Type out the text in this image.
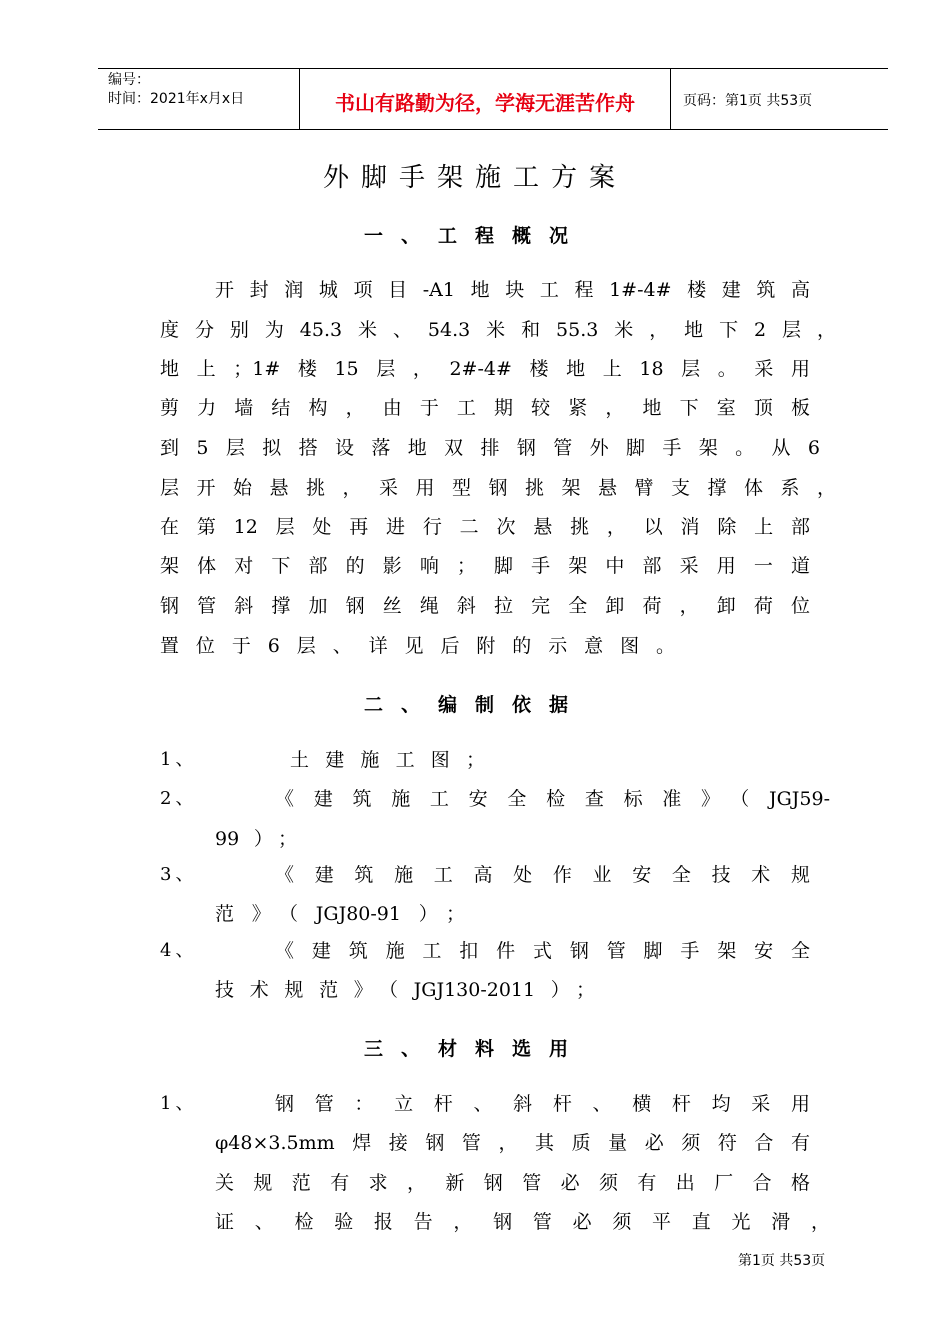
编号：
时间：2021年x月x日	书山有路勤为径，学海无涯苦作舟	页码：第1页 共53页
外脚手架施工方案
一、工程概况
开封润城项目-A1地块工程1#-4#楼建筑高
度分别为45.3米、54.3米和55.3米，地下2层，
地上；1#楼15层，2#-4#楼地上18层。采用
剪力墙结构，由于工期较紧，地下室顶板
到5层拟搭设落地双排钢管外脚手架。从6
层开始悬挑，采用型钢挑架悬臂支撑体系，
在第12层处再进行二次悬挑，以消除上部
架体对下部的影响；脚手架中部采用一道
钢管斜撑加钢丝绳斜拉完全卸荷，卸荷位
置位于6层、详见后附的示意图。
二、编制依据
1、	土建施工图；
2、	《建筑施工安全检查标准》（JGJ59-
99）；
3、	《建筑施工高处作业安全技术规
范》（JGJ80-91）；
4、	《建筑施工扣件式钢管脚手架安全
技术规范》（JGJ130-2011）；
三、材料选用
1、	钢管：立杆、斜杆、横杆均采用
φ48×3.5mm焊接钢管，其质量必须符合有
关规范有求，新钢管必须有出厂合格
证、检验报告，钢管必须平直光滑，
第1页 共53页
